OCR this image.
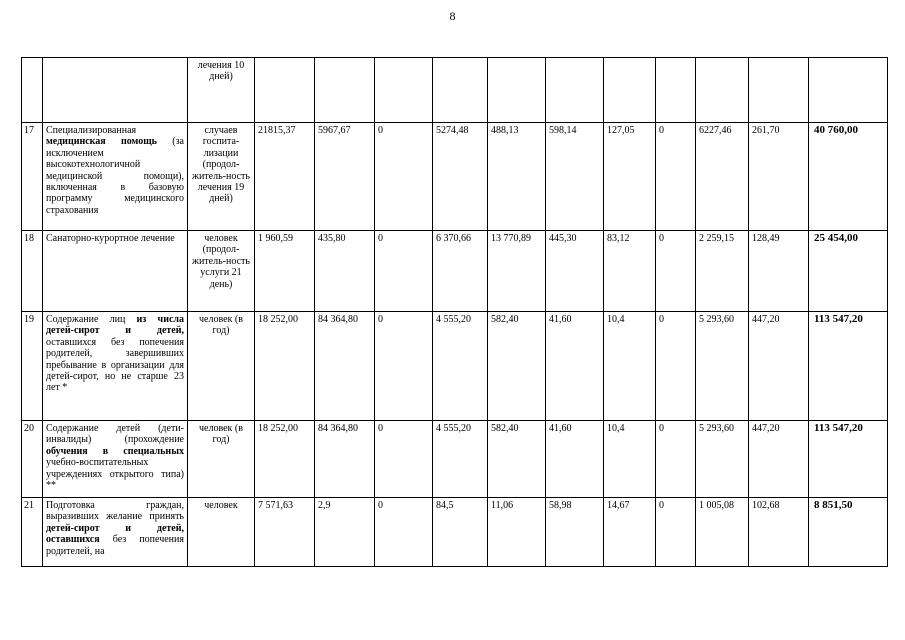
8
		лечения 10 дней)											
17	Специализированная медицинская помощь (за исключением высокотехнологичной медицинской помощи), включенная в базовую программу медицинского страхования	случаев госпита-лизации (продол-житель-ность лечения 19 дней)	21815,37	5967,67	0	5274,48	488,13	598,14	127,05	0	6227,46	261,70	40 760,00
18	Санаторно-курортное лечение	человек (продол-житель-ность услуги 21 день)	1 960,59	435,80	0	6 370,66	13 770,89	445,30	83,12	0	2 259,15	128,49	25 454,00
19	Содержание лиц из числа детей-сирот и детей, оставшихся без попечения родителей, завершивших пребывание в организации для детей-сирот, но не старше 23 лет *	человек (в год)	18 252,00	84 364,80	0	4 555,20	582,40	41,60	10,4	0	5 293,60	447,20	113 547,20
20	Содержание детей (дети-инвалиды) (прохождение обучения в специальных учебно-воспитательных учреждениях открытого типа) **	человек (в год)	18 252,00	84 364,80	0	4 555,20	582,40	41,60	10,4	0	5 293,60	447,20	113 547,20
21	Подготовка граждан, выразивших желание принять детей-сирот и детей, оставшихся без попечения родителей, на	человек	7 571,63	2,9	0	84,5	11,06	58,98	14,67	0	1 005,08	102,68	8 851,50
